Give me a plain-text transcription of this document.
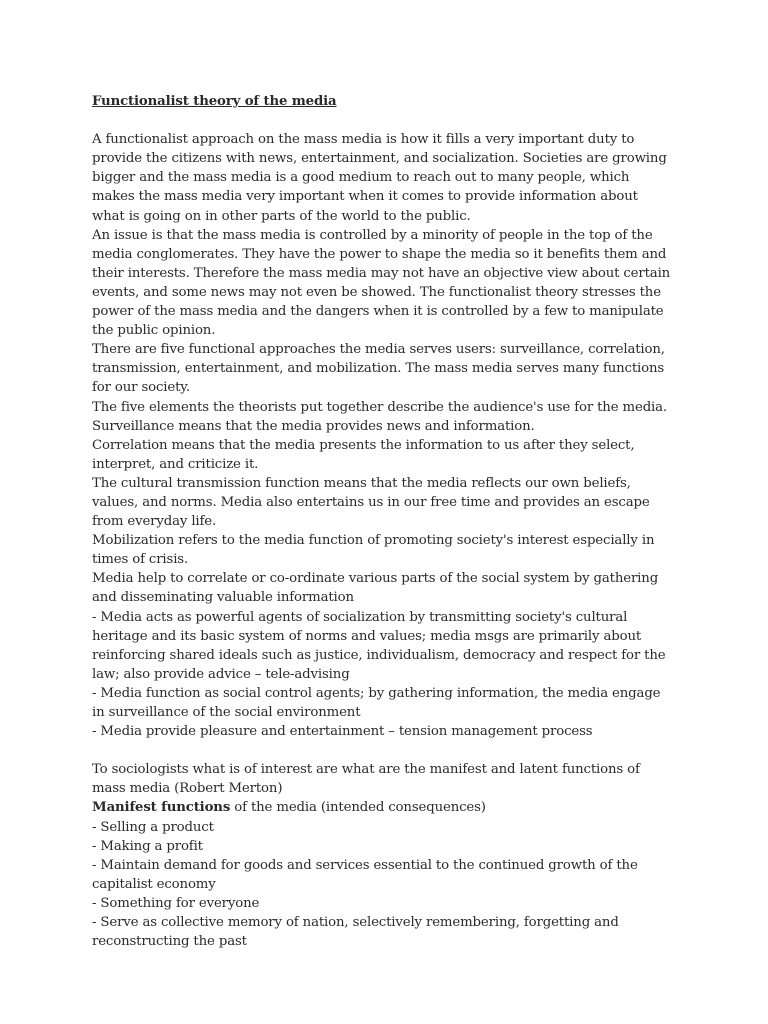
Functionalist theory of the media

A functionalist approach on the mass media is how it fills a very important duty to provide the citizens with news, entertainment, and socialization. Societies are growing bigger and the mass media is a good medium to reach out to many people, which makes the mass media very important when it comes to provide information about what is going on in other parts of the world to the public.

An issue is that the mass media is controlled by a minority of people in the top of the media conglomerates. They have the power to shape the media so it benefits them and their interests. Therefore the mass media may not have an objective view about certain events, and some news may not even be showed. The functionalist theory stresses the power of the mass media and the dangers when it is controlled by a few to manipulate the public opinion.

There are five functional approaches the media serves users: surveillance, correlation, transmission, entertainment, and mobilization. The mass media serves many functions for our society.

The five elements the theorists put together describe the audience's use for the media.

Surveillance means that the media provides news and information.

Correlation means that the media presents the information to us after they select, interpret, and criticize it.

The cultural transmission function means that the media reflects our own beliefs, values, and norms. Media also entertains us in our free time and provides an escape from everyday life.

Mobilization refers to the media function of promoting society's interest especially in times of crisis.

Media help to correlate or co-ordinate various parts of the social system by gathering and disseminating valuable information

- Media acts as powerful agents of socialization by transmitting society's cultural heritage and its basic system of norms and values; media msgs are primarily about reinforcing shared ideals such as justice, individualism, democracy and respect for the law; also provide advice – tele-advising

- Media function as social control agents; by gathering information, the media engage in surveillance of the social environment

- Media provide pleasure and entertainment – tension management process

To sociologists what is of interest are what are the manifest and latent functions of mass media (Robert Merton)

Manifest functions of the media (intended consequences)

- Selling a product

- Making a profit

- Maintain demand for goods and services essential to the continued growth of the capitalist economy

- Something for everyone

- Serve as collective memory of nation, selectively remembering, forgetting and reconstructing the past
